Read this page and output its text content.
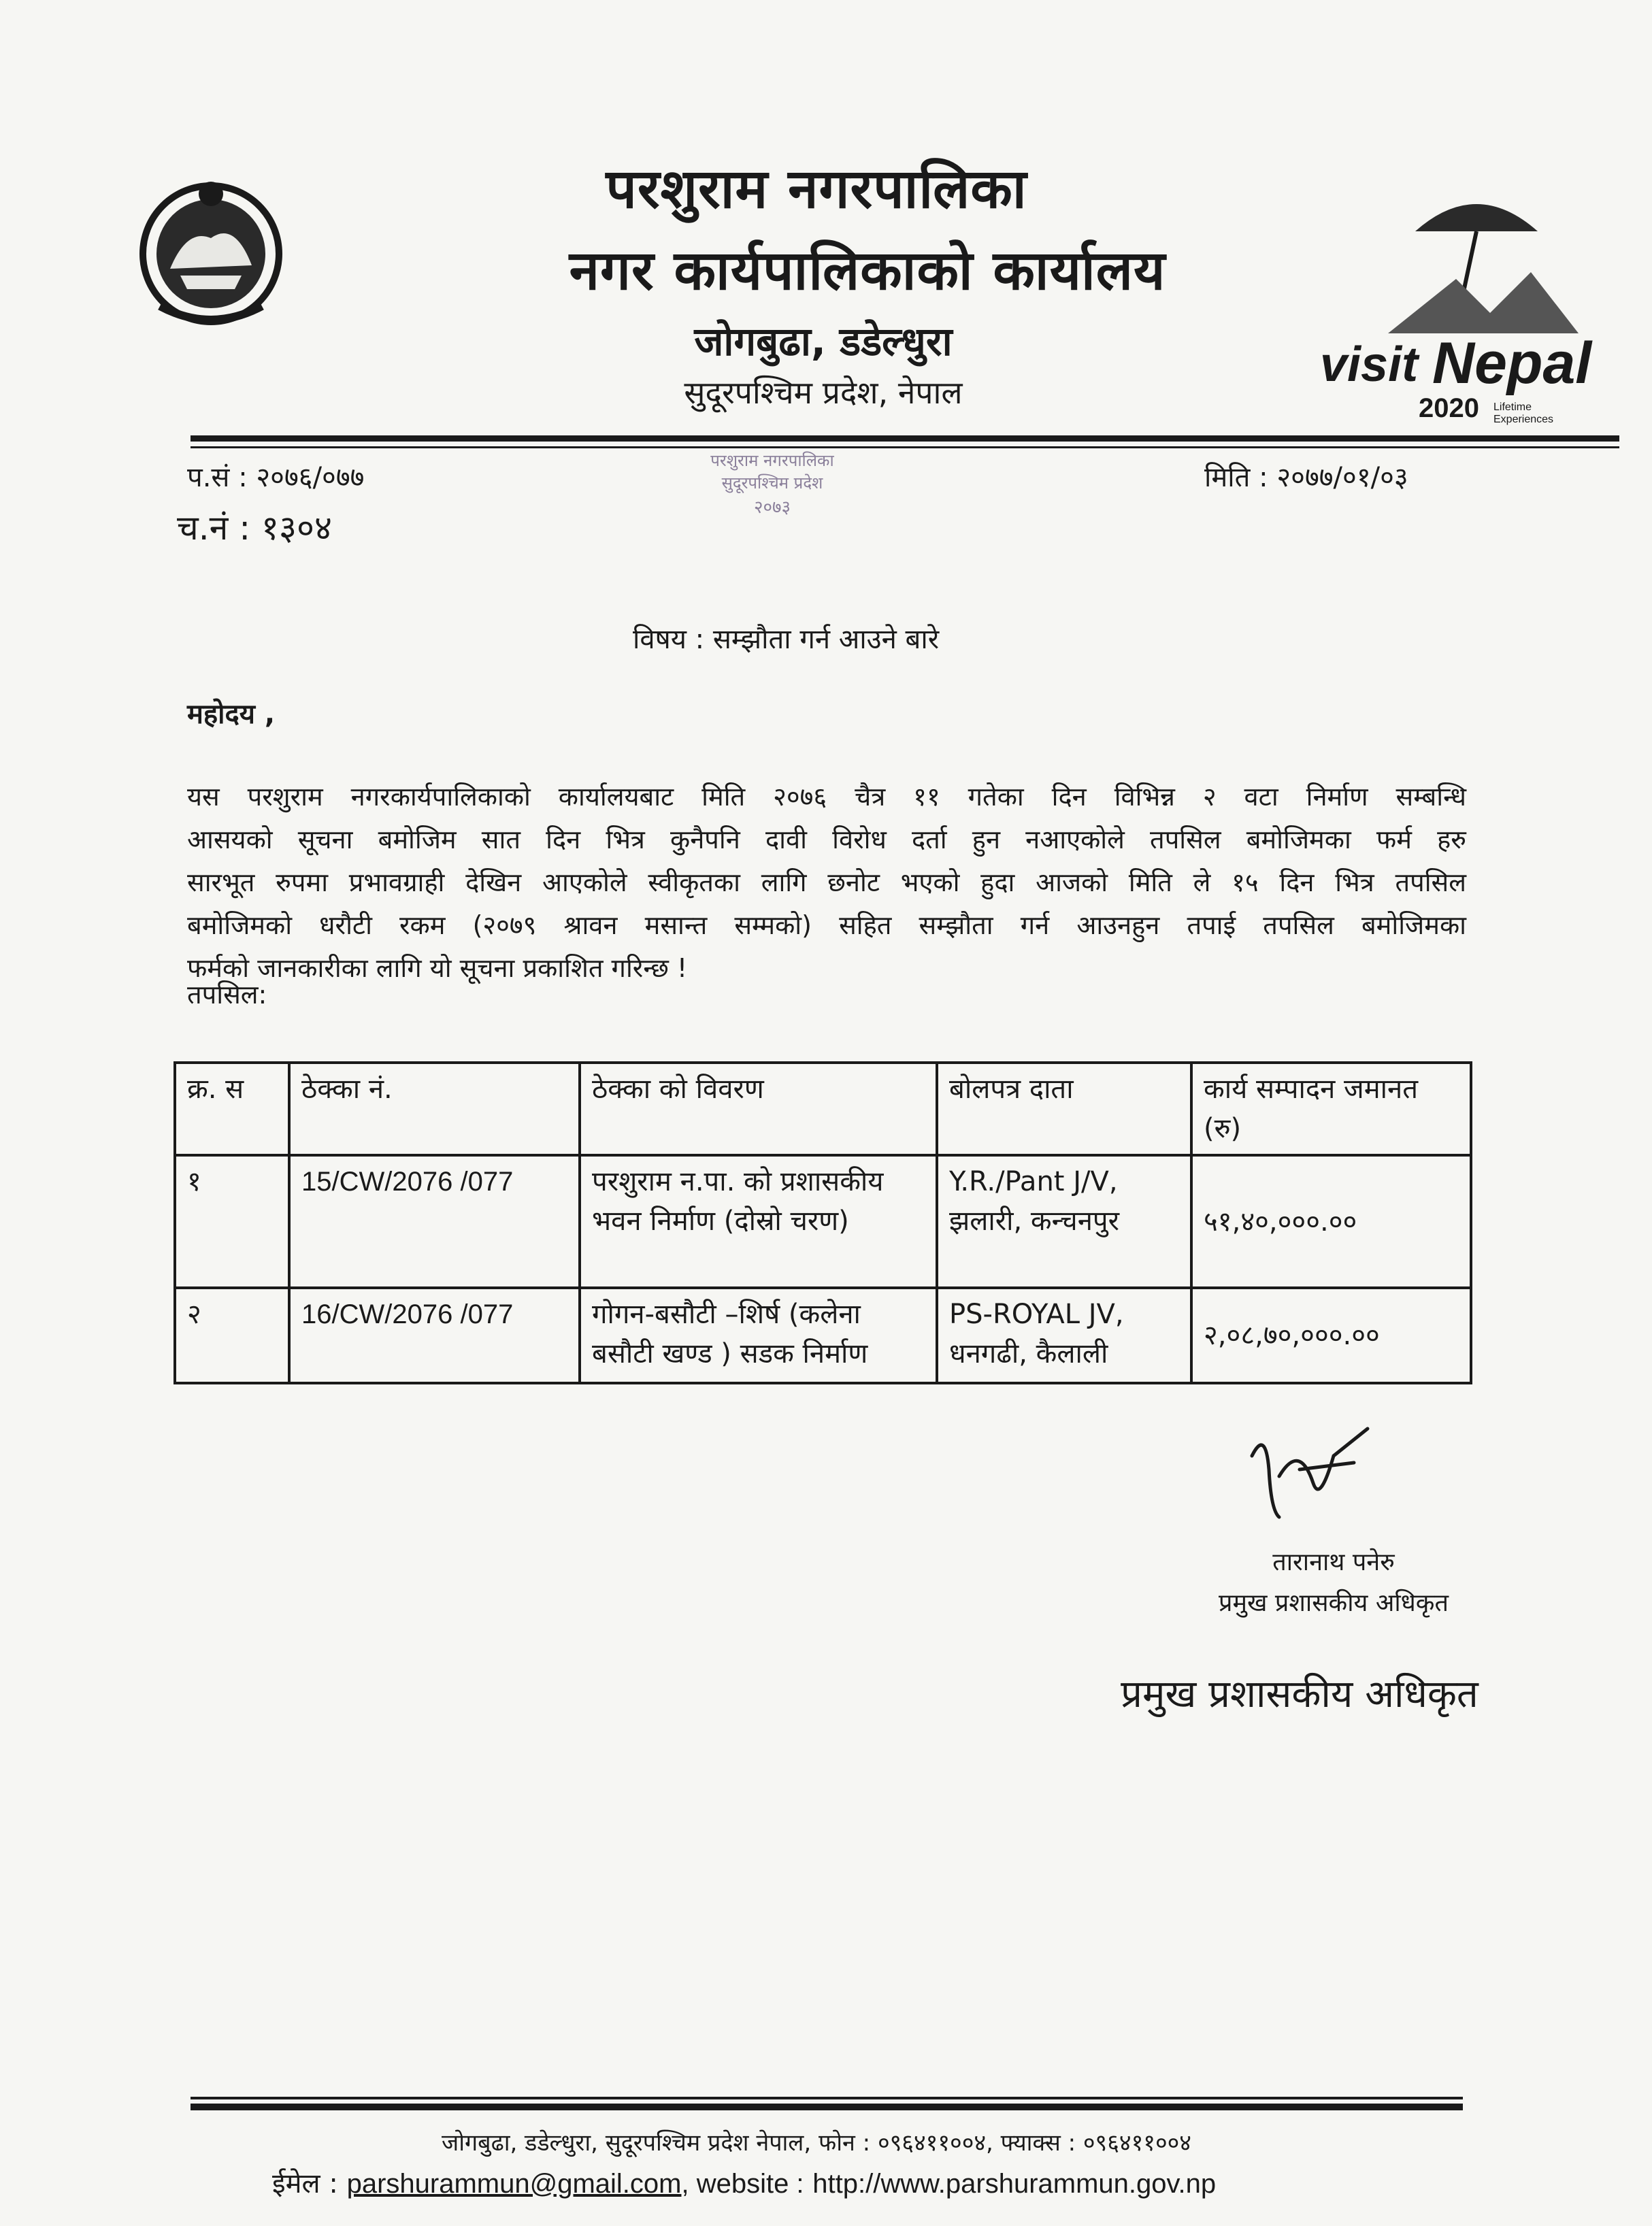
परशुराम नगरपालिका
नगर कार्यपालिकाको कार्यालय
जोगबुढा, डडेल्धुरा
सुदूरपश्चिम प्रदेश, नेपाल
visit Nepal
2020 Lifetime Experiences
परशुराम नगरपालिका
सुदूरपश्चिम प्रदेश
२०७३
प.सं : २०७६/०७७
च.नं : १३०४
मिति : २०७७/०१/०३
विषय : सम्झौता गर्न आउने बारे
महोदय ,
यस परशुराम नगरकार्यपालिकाको कार्यालयबाट मिति २०७६ चैत्र ११ गतेका दिन विभिन्न २ वटा निर्माण सम्बन्धि
आसयको सूचना बमोजिम सात दिन भित्र कुनैपनि दावी विरोध दर्ता हुन नआएकोले तपसिल बमोजिमका फर्म हरु
सारभूत रुपमा प्रभावग्राही देखिन आएकोले स्वीकृतका लागि छनोट भएको हुदा आजको मिति ले १५ दिन भित्र तपसिल
बमोजिमको धरौटी रकम (२०७९ श्रावन मसान्त सम्मको) सहित सम्झौता गर्न आउनहुन तपाई तपसिल बमोजिमका
फर्मको जानकारीका लागि यो सूचना प्रकाशित गरिन्छ !
तपसिल:
क्र. स	ठेक्का नं.	ठेक्का को विवरण	बोलपत्र दाता	कार्य सम्पादन जमानत (रु)
१	15/CW/2076 /077	परशुराम न.पा. को प्रशासकीय भवन निर्माण (दोस्रो चरण)	Y.R./Pant J/V, झलारी, कन्चनपुर	५१,४०,०००.००
२	16/CW/2076 /077	गोगन-बसौटी –शिर्ष (कलेना बसौटी खण्ड ) सडक निर्माण	PS-ROYAL JV, धनगढी, कैलाली	२,०८,७०,०००.००
तारानाथ पनेरु
प्रमुख प्रशासकीय अधिकृत
प्रमुख प्रशासकीय अधिकृत
जोगबुढा, डडेल्धुरा, सुदूरपश्चिम प्रदेश नेपाल, फोन : ०९६४११००४, फ्याक्स : ०९६४११००४
ईमेल : parshurammun@gmail.com, website : http://www.parshurammun.gov.np
